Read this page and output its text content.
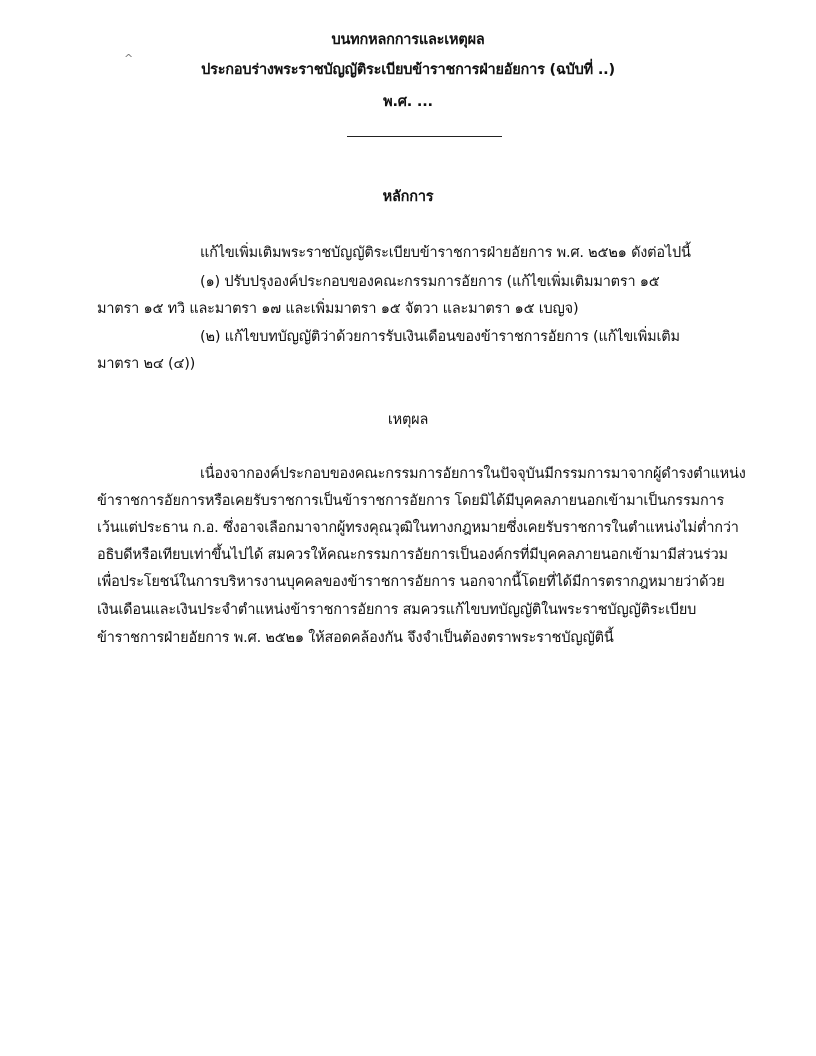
บนทกหลกการและเหตุผล
ประกอบร่างพระราชบัญญัติระเบียบข้าราชการฝ่ายอัยการ (ฉบับที่ ..)
พ.ศ. ...
หลักการ
แก้ไขเพิ่มเติมพระราชบัญญัติระเบียบข้าราชการฝ่ายอัยการ พ.ศ. ๒๕๒๑ ดังต่อไปนี้
(๑) ปรับปรุงองค์ประกอบของคณะกรรมการอัยการ (แก้ไขเพิ่มเติมมาตรา ๑๕
มาตรา ๑๕ ทวิ และมาตรา ๑๗ และเพิ่มมาตรา ๑๕ จัตวา และมาตรา ๑๕ เบญจ)
(๒) แก้ไขบทบัญญัติว่าด้วยการรับเงินเดือนของข้าราชการอัยการ (แก้ไขเพิ่มเติม
มาตรา ๒๔ (๔))
เหตุผล
เนื่องจากองค์ประกอบของคณะกรรมการอัยการในปัจจุบันมีกรรมการมาจากผู้ดำรงตำแหน่ง
ข้าราชการอัยการหรือเคยรับราชการเป็นข้าราชการอัยการ โดยมิได้มีบุคคลภายนอกเข้ามาเป็นกรรมการ
เว้นแต่ประธาน ก.อ. ซึ่งอาจเลือกมาจากผู้ทรงคุณวุฒิในทางกฎหมายซึ่งเคยรับราชการในตำแหน่งไม่ต่ำกว่า
อธิบดีหรือเทียบเท่าขึ้นไปได้ สมควรให้คณะกรรมการอัยการเป็นองค์กรที่มีบุคคลภายนอกเข้ามามีส่วนร่วม
เพื่อประโยชน์ในการบริหารงานบุคคลของข้าราชการอัยการ นอกจากนี้โดยที่ได้มีการตรากฎหมายว่าด้วย
เงินเดือนและเงินประจำตำแหน่งข้าราชการอัยการ สมควรแก้ไขบทบัญญัติในพระราชบัญญัติระเบียบ
ข้าราชการฝ่ายอัยการ พ.ศ. ๒๕๒๑ ให้สอดคล้องกัน จึงจำเป็นต้องตราพระราชบัญญัตินี้
^
